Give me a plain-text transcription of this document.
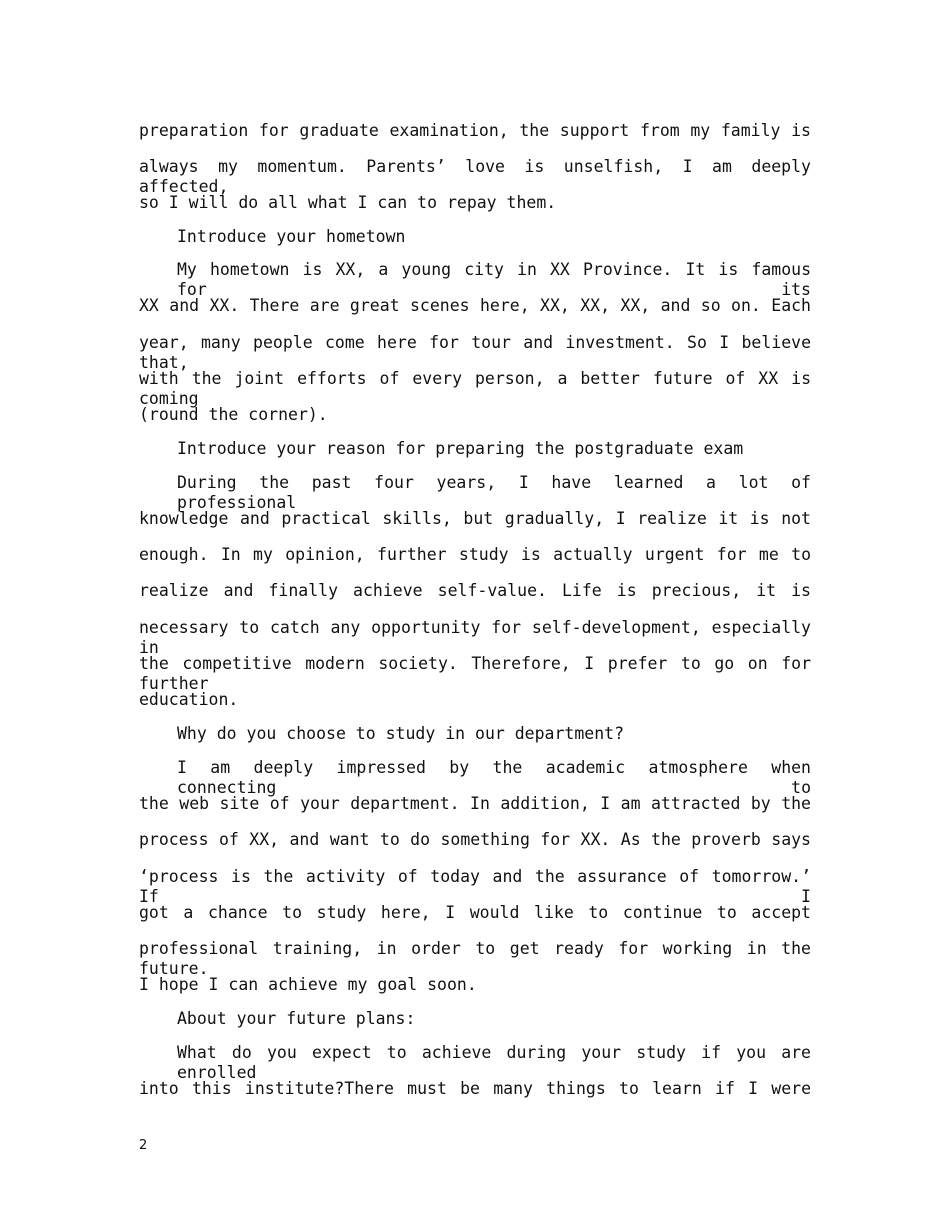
preparation for graduate examination, the support from my family is
always my momentum. Parents’ love is unselfish, I am deeply affected,
so I will do all what I can to repay them.
Introduce your hometown
My hometown is XX, a young city in XX Province. It is famous for its
XX and XX. There are great scenes here, XX, XX, XX, and so on. Each
year, many people come here for tour and investment. So I believe that,
with the joint efforts of every person, a better future of XX is coming
(round the corner).
Introduce your reason for preparing the postgraduate exam
During the past four years, I have learned a lot of professional
knowledge and practical skills, but gradually, I realize it is not
enough. In my opinion, further study is actually urgent for me to
realize and finally achieve self-value. Life is precious, it is
necessary to catch any opportunity for self-development, especially in
the competitive modern society. Therefore, I prefer to go on for further
education.
Why do you choose to study in our department?
I am deeply impressed by the academic atmosphere when connecting to
the web site of your department. In addition, I am attracted by the
process of XX, and want to do something for XX. As the proverb says
‘process is the activity of today and the assurance of tomorrow.’ If I
got a chance to study here, I would like to continue to accept
professional training, in order to get ready for working in the future.
I hope I can achieve my goal soon.
About your future plans:
What do you expect to achieve during your study if you are enrolled
into this institute?There must be many things to learn if I were
2
